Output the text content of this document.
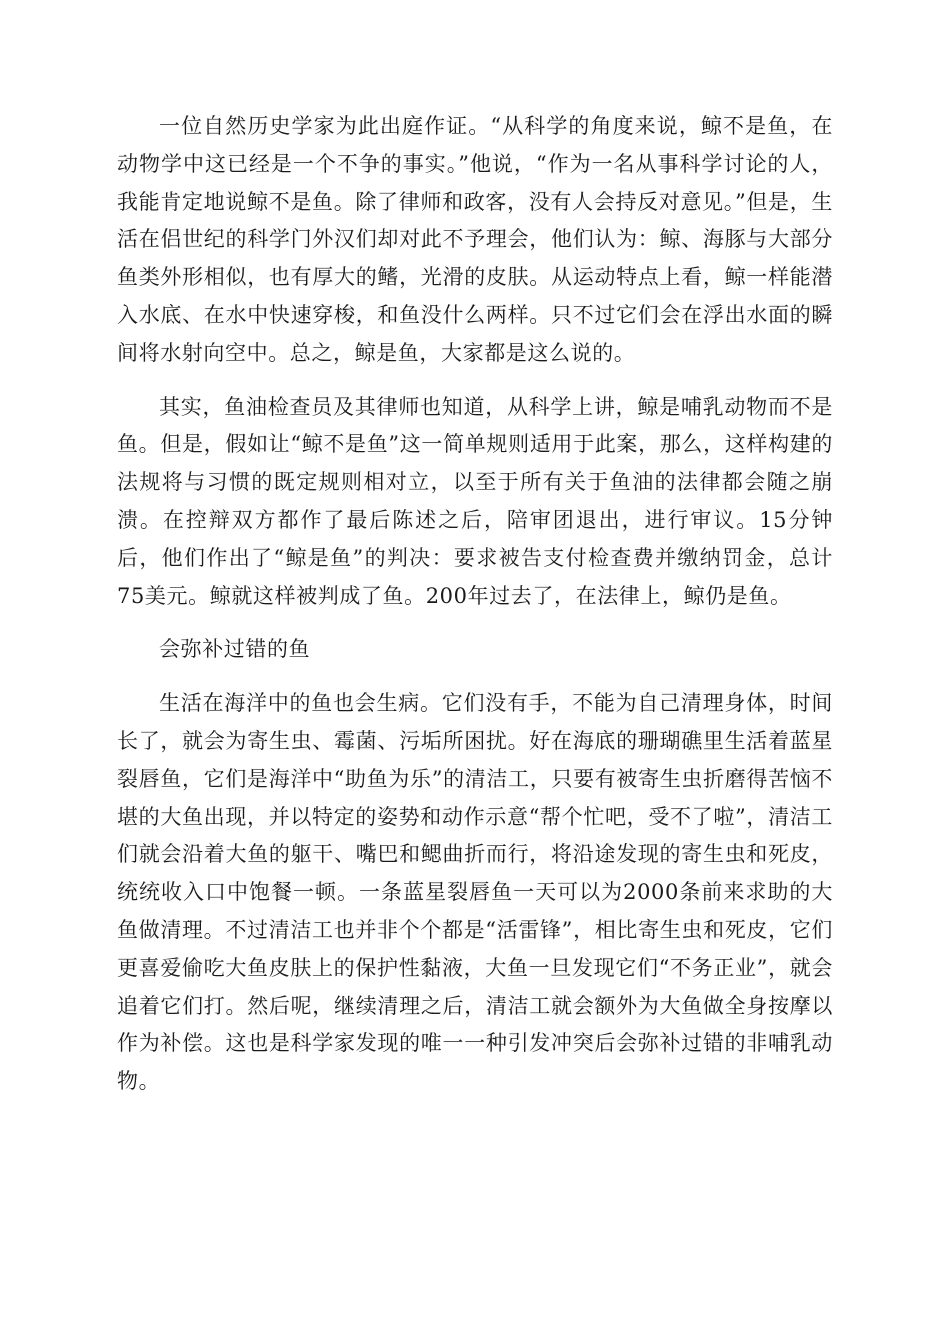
一位自然历史学家为此出庭作证。“从科学的角度来说，鲸不是鱼，在动物学中这已经是一个不争的事实。”他说，“作为一名从事科学讨论的人，我能肯定地说鲸不是鱼。除了律师和政客，没有人会持反对意见。”但是，生活在侣世纪的科学门外汉们却对此不予理会，他们认为：鲸、海豚与大部分鱼类外形相似，也有厚大的鳍，光滑的皮肤。从运动特点上看，鲸一样能潜入水底、在水中快速穿梭，和鱼没什么两样。只不过它们会在浮出水面的瞬间将水射向空中。总之，鲸是鱼，大家都是这么说的。

其实，鱼油检查员及其律师也知道，从科学上讲，鲸是哺乳动物而不是鱼。但是，假如让“鲸不是鱼”这一简单规则适用于此案，那么，这样构建的法规将与习惯的既定规则相对立，以至于所有关于鱼油的法律都会随之崩溃。在控辩双方都作了最后陈述之后，陪审团退出，进行审议。15分钟后，他们作出了“鲸是鱼”的判决：要求被告支付检查费并缴纳罚金，总计75美元。鲸就这样被判成了鱼。200年过去了，在法律上，鲸仍是鱼。

会弥补过错的鱼

生活在海洋中的鱼也会生病。它们没有手，不能为自己清理身体，时间长了，就会为寄生虫、霉菌、污垢所困扰。好在海底的珊瑚礁里生活着蓝星裂唇鱼，它们是海洋中“助鱼为乐”的清洁工，只要有被寄生虫折磨得苦恼不堪的大鱼出现，并以特定的姿势和动作示意“帮个忙吧，受不了啦”，清洁工们就会沿着大鱼的躯干、嘴巴和鳃曲折而行，将沿途发现的寄生虫和死皮，统统收入口中饱餐一顿。一条蓝星裂唇鱼一天可以为2000条前来求助的大鱼做清理。不过清洁工也并非个个都是“活雷锋”，相比寄生虫和死皮，它们更喜爱偷吃大鱼皮肤上的保护性黏液，大鱼一旦发现它们“不务正业”，就会追着它们打。然后呢，继续清理之后，清洁工就会额外为大鱼做全身按摩以作为补偿。这也是科学家发现的唯一一种引发冲突后会弥补过错的非哺乳动物。
